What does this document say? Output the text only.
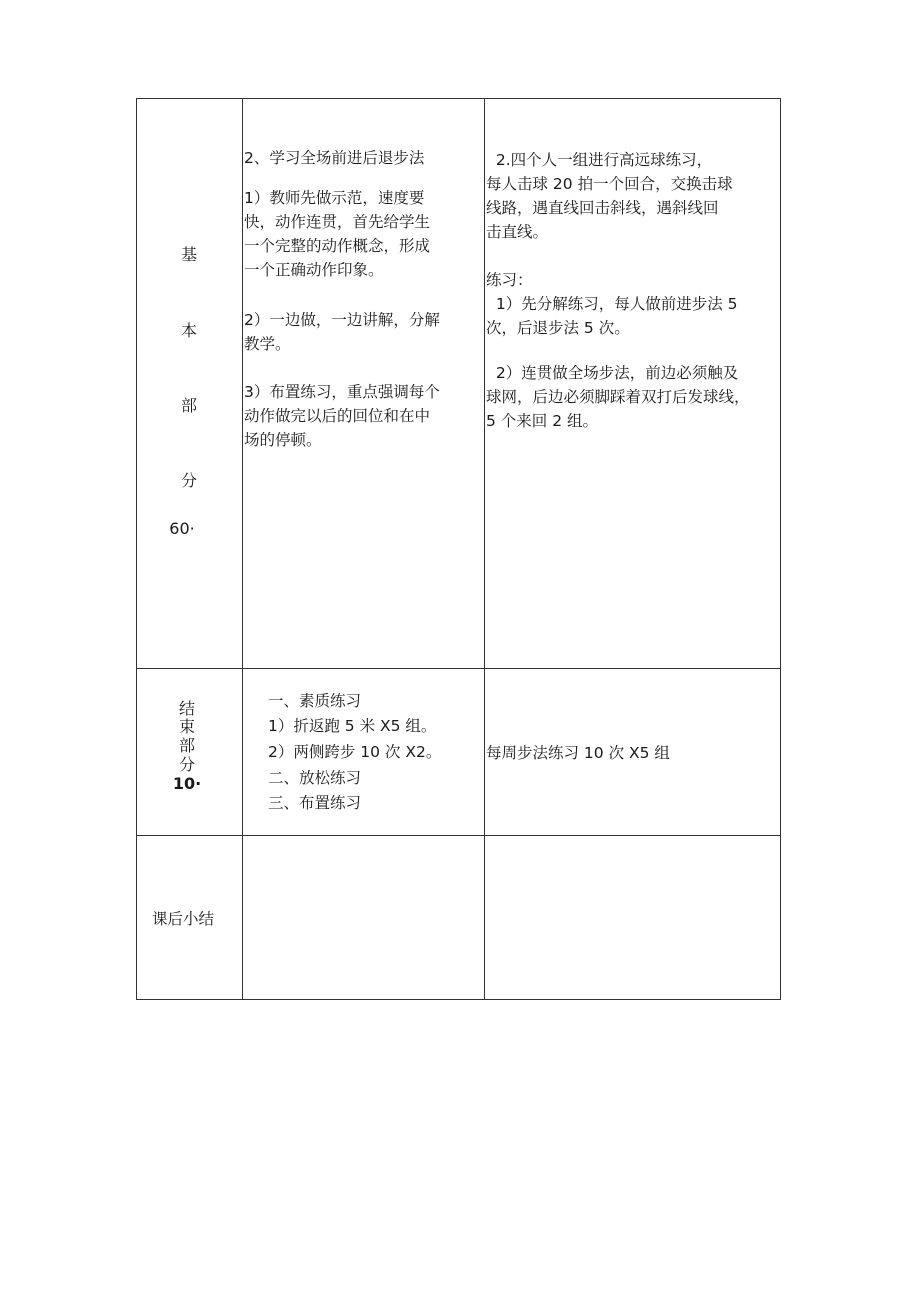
基
本
部
分
60·
2、学习全场前进后退步法
1）教师先做示范，速度要
快，动作连贯，首先给学生
一个完整的动作概念，形成
一个正确动作印象。
2）一边做，一边讲解，分解
教学。
3）布置练习，重点强调每个
动作做完以后的回位和在中
场的停顿。
2.四个人一组进行高远球练习，
每人击球 20 拍一个回合，交换击球
线路，遇直线回击斜线，遇斜线回
击直线。
练习：
1）先分解练习，每人做前进步法 5
次，后退步法 5 次。
2）连贯做全场步法，前边必须触及
球网，后边必须脚踩着双打后发球线，
5 个来回 2 组。
结
束
部
分
10·
一、素质练习
1）折返跑 5 米 X5 组。
2）两侧跨步 10 次 X2。
二、放松练习
三、布置练习
每周步法练习 10 次 X5 组
课后小结
